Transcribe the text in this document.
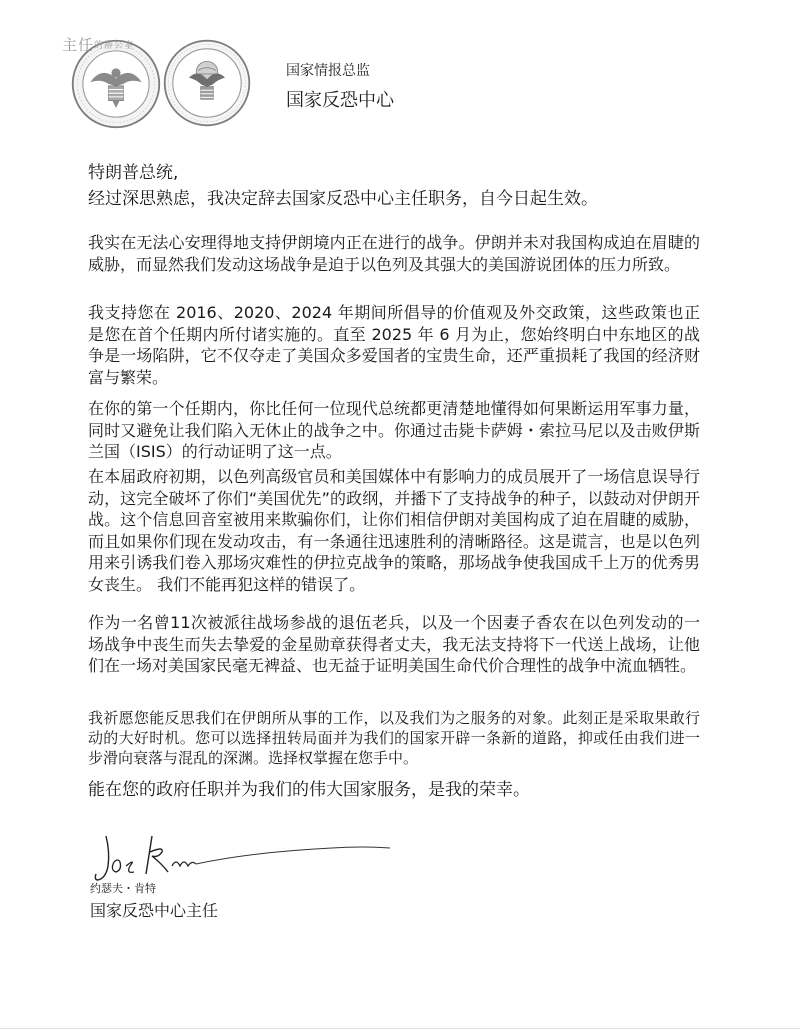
主任的辦公室
国家情报总监
国家反恐中心
特朗普总统,
经过深思熟虑，我决定辞去国家反恐中心主任职务，自今日起生效。

我实在无法心安理得地支持伊朗境内正在进行的战争。伊朗并未对我国构成迫在眉睫的威胁，而显然我们发动这场战争是迫于以色列及其强大的美国游说团体的压力所致。

我支持您在 2016、2020、2024 年期间所倡导的价值观及外交政策，这些政策也正是您在首个任期内所付诸实施的。直至 2025 年 6 月为止，您始终明白中东地区的战争是一场陷阱，它不仅夺走了美国众多爱国者的宝贵生命，还严重损耗了我国的经济财富与繁荣。

在你的第一个任期内，你比任何一位现代总统都更清楚地懂得如何果断运用军事力量，同时又避免让我们陷入无休止的战争之中。你通过击毙卡萨姆・索拉马尼以及击败伊斯兰国（ISIS）的行动证明了这一点。

在本届政府初期，以色列高级官员和美国媒体中有影响力的成员展开了一场信息误导行动，这完全破坏了你们“美国优先”的政纲，并播下了支持战争的种子，以鼓动对伊朗开战。这个信息回音室被用来欺骗你们，让你们相信伊朗对美国构成了迫在眉睫的威胁，而且如果你们现在发动攻击，有一条通往迅速胜利的清晰路径。这是谎言，也是以色列用来引诱我们卷入那场灾难性的伊拉克战争的策略，那场战争使我国成千上万的优秀男女丧生。 我们不能再犯这样的错误了。

作为一名曾11次被派往战场参战的退伍老兵，以及一个因妻子香农在以色列发动的一场战争中丧生而失去挚爱的金星勋章获得者丈夫，我无法支持将下一代送上战场，让他们在一场对美国家民毫无裨益、也无益于证明美国生命代价合理性的战争中流血牺牲。

我祈愿您能反思我们在伊朗所从事的工作，以及我们为之服务的对象。此刻正是采取果敢行动的大好时机。您可以选择扭转局面并为我们的国家开辟一条新的道路，抑或任由我们进一步滑向衰落与混乱的深渊。选择权掌握在您手中。

能在您的政府任职并为我们的伟大国家服务，是我的荣幸。

约瑟夫・肯特
国家反恐中心主任
